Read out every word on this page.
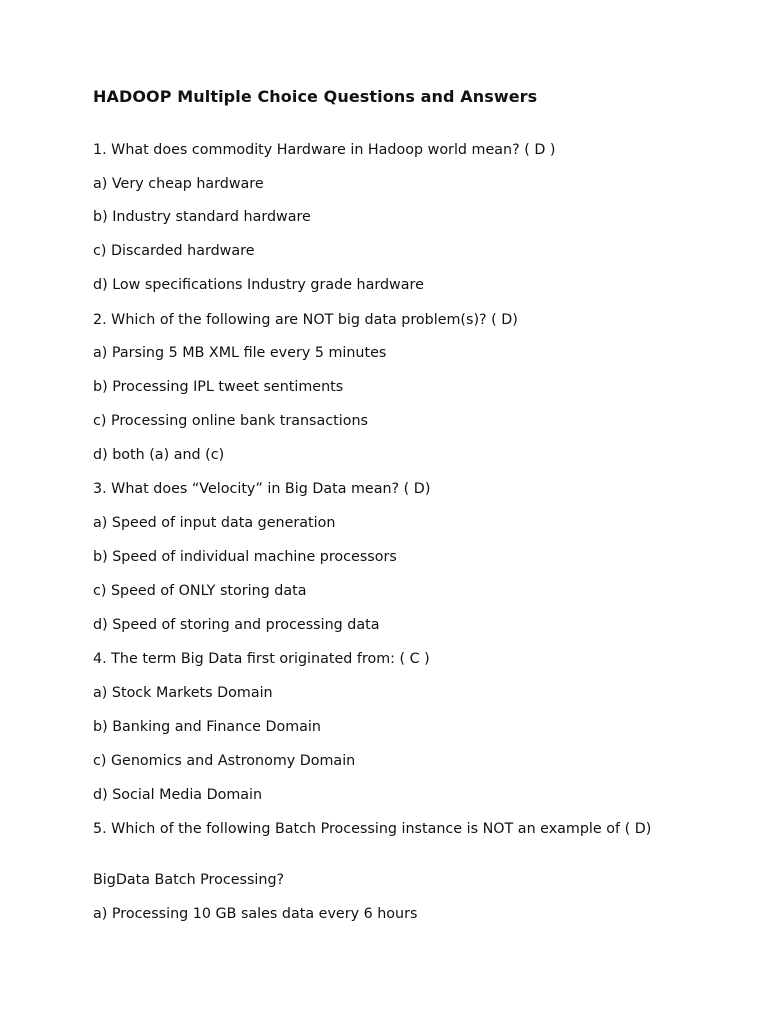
HADOOP Multiple Choice Questions and Answers
1. What does commodity Hardware in Hadoop world mean? ( D )
a) Very cheap hardware
b) Industry standard hardware
c) Discarded hardware
d) Low specifications Industry grade hardware
2. Which of the following are NOT big data problem(s)? ( D)
a) Parsing 5 MB XML file every 5 minutes
b) Processing IPL tweet sentiments
c) Processing online bank transactions
d) both (a) and (c)
3. What does “Velocity” in Big Data mean? ( D)
a) Speed of input data generation
b) Speed of individual machine processors
c) Speed of ONLY storing data
d) Speed of storing and processing data
4. The term Big Data first originated from: ( C )
a) Stock Markets Domain
b) Banking and Finance Domain
c) Genomics and Astronomy Domain
d) Social Media Domain
5. Which of the following Batch Processing instance is NOT an example of ( D)
BigData Batch Processing?
a) Processing 10 GB sales data every 6 hours
